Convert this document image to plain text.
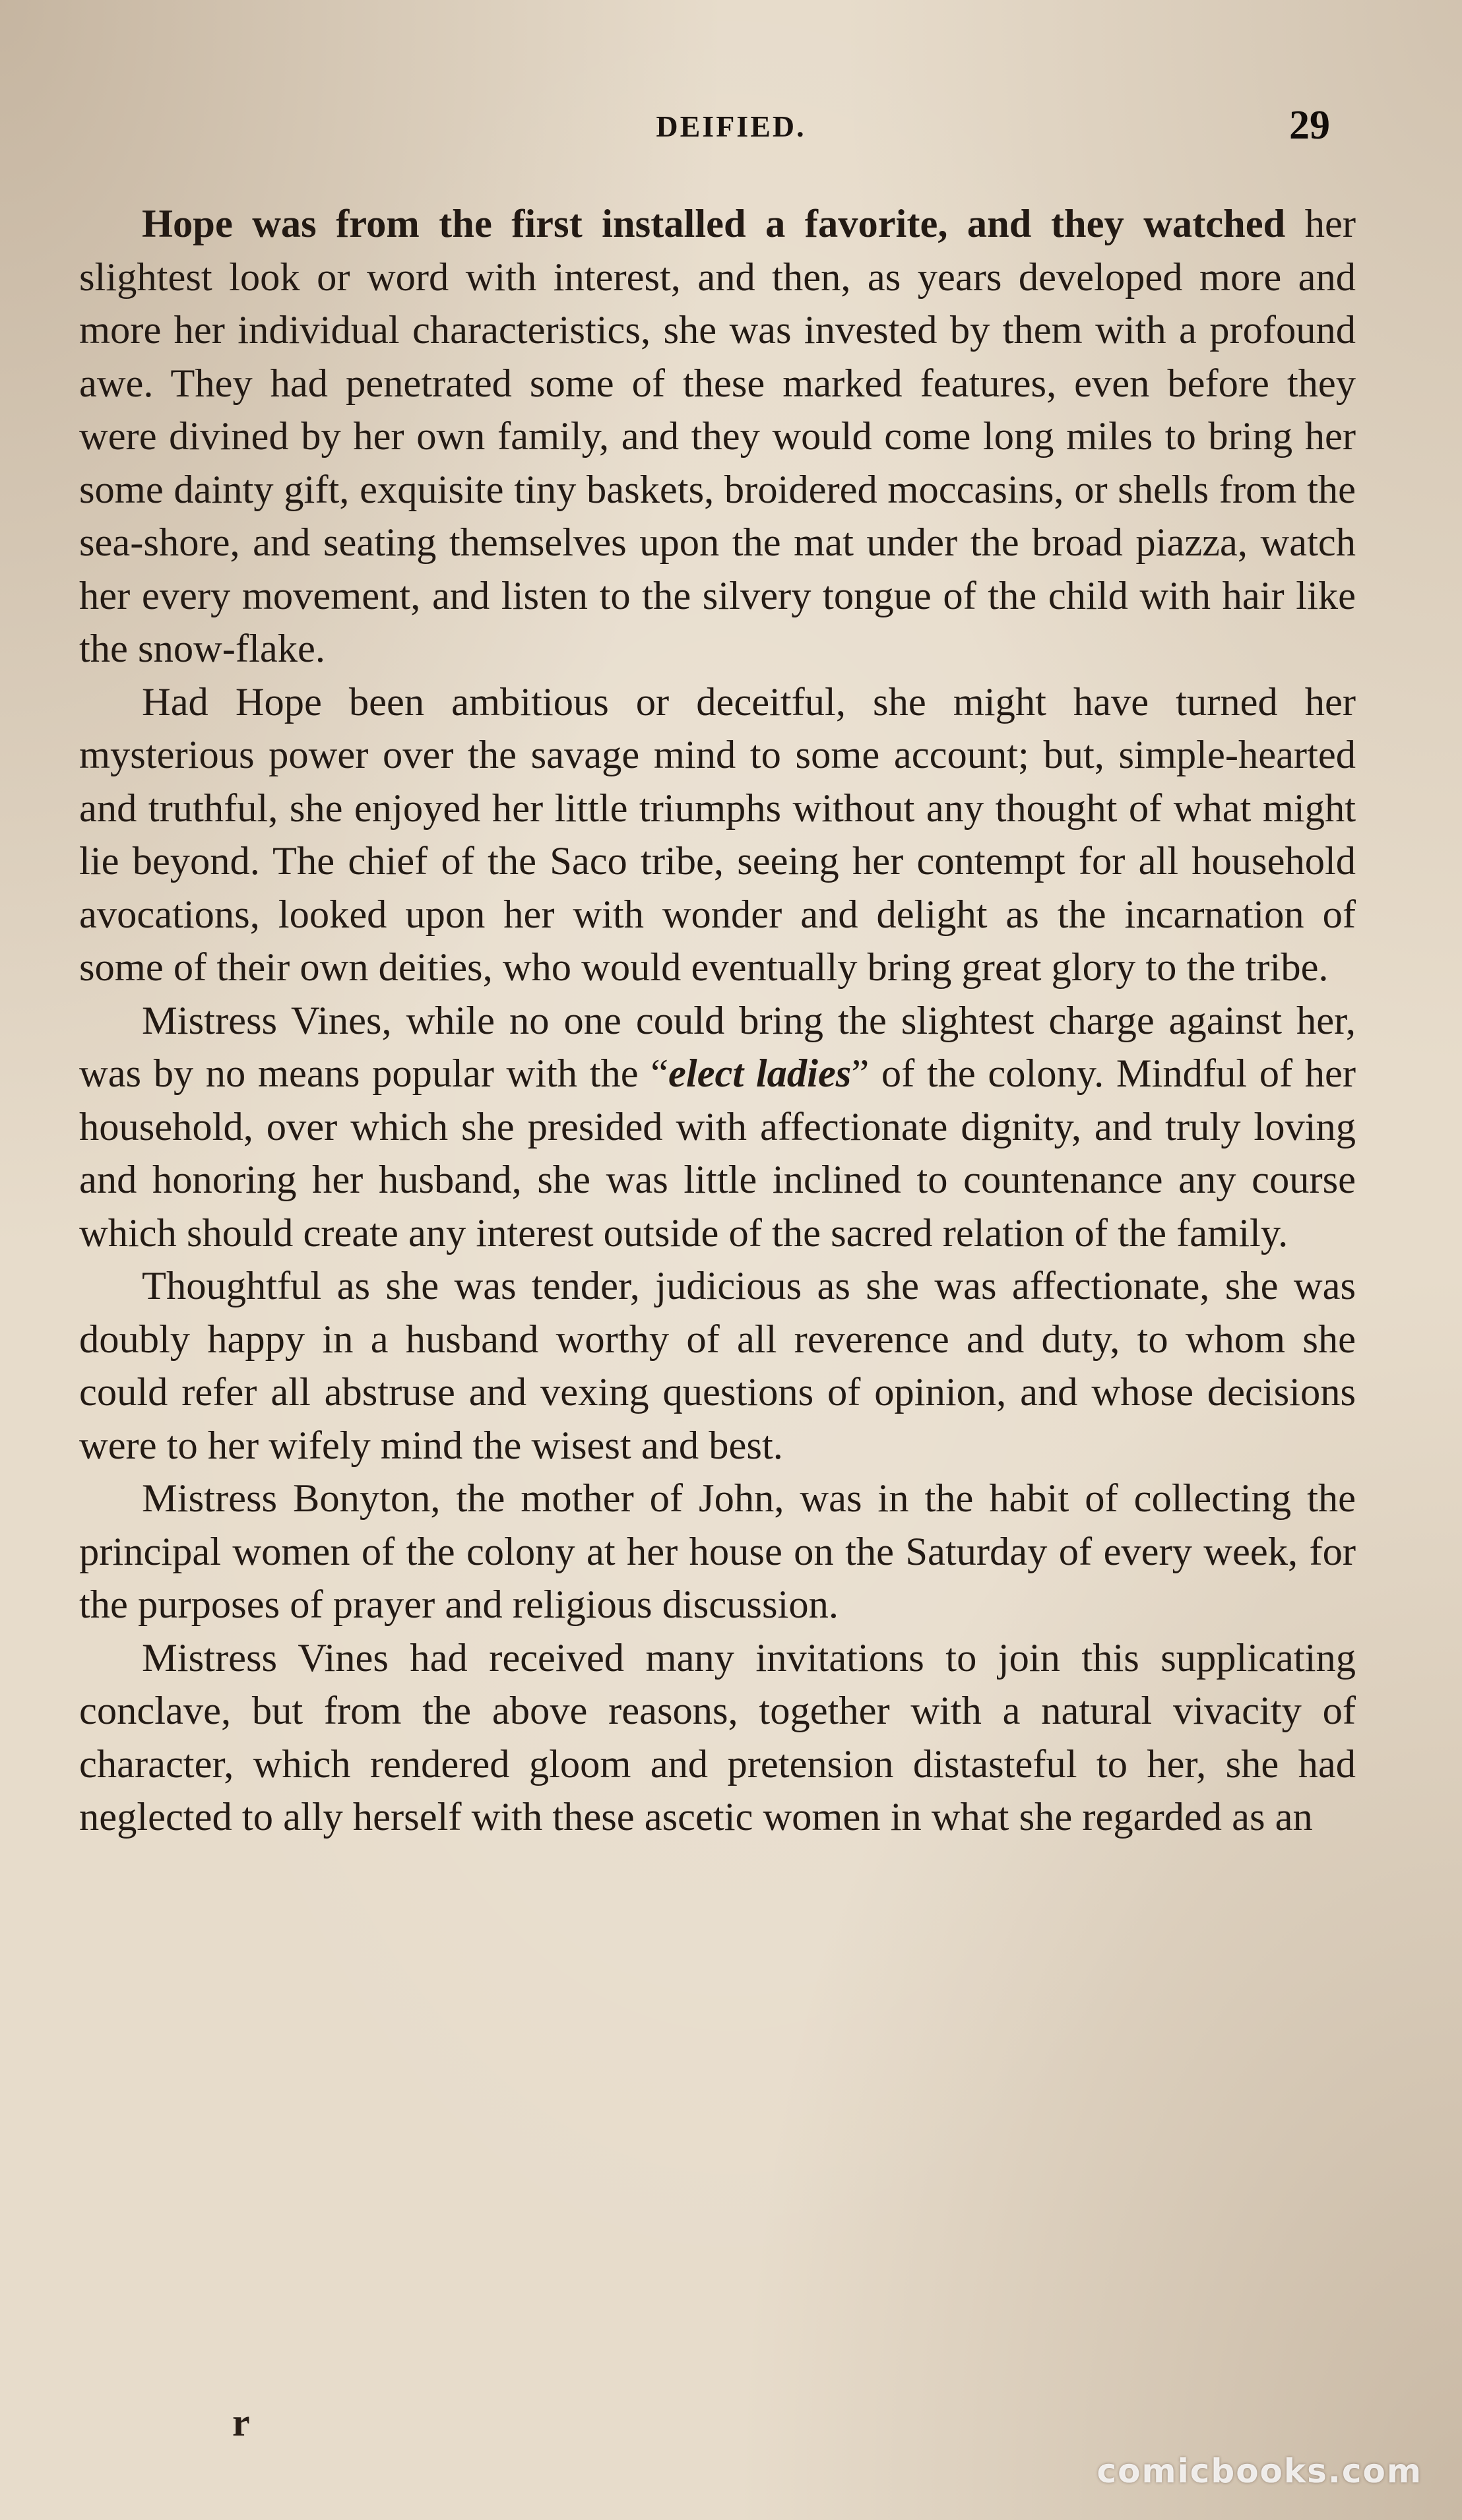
DEIFIED.	29

Hope was from the first installed a favorite, and they watched her slightest look or word with interest, and then, as years developed more and more her individual characteristics, she was invested by them with a profound awe. They had penetrated some of these marked features, even before they were divined by her own family, and they would come long miles to bring her some dainty gift, exquisite tiny baskets, broidered moccasins, or shells from the sea-shore, and seating themselves upon the mat under the broad piazza, watch her every movement, and listen to the silvery tongue of the child with hair like the snow-flake.

Had Hope been ambitious or deceitful, she might have turned her mysterious power over the savage mind to some account; but, simple-hearted and truthful, she enjoyed her little triumphs without any thought of what might lie beyond. The chief of the Saco tribe, seeing her contempt for all household avocations, looked upon her with wonder and delight as the incarnation of some of their own deities, who would eventually bring great glory to the tribe.

Mistress Vines, while no one could bring the slightest charge against her, was by no means popular with the “elect ladies” of the colony. Mindful of her household, over which she presided with affectionate dignity, and truly loving and honoring her husband, she was little inclined to countenance any course which should create any interest outside of the sacred relation of the family.

Thoughtful as she was tender, judicious as she was affectionate, she was doubly happy in a husband worthy of all reverence and duty, to whom she could refer all abstruse and vexing questions of opinion, and whose decisions were to her wifely mind the wisest and best.

Mistress Bonyton, the mother of John, was in the habit of collecting the principal women of the colony at her house on the Saturday of every week, for the purposes of prayer and religious discussion.

Mistress Vines had received many invitations to join this supplicating conclave, but from the above reasons, together with a natural vivacity of character, which rendered gloom and pretension distasteful to her, she had neglected to ally herself with these ascetic women in what she regarded as an

r
comicbooks.com
